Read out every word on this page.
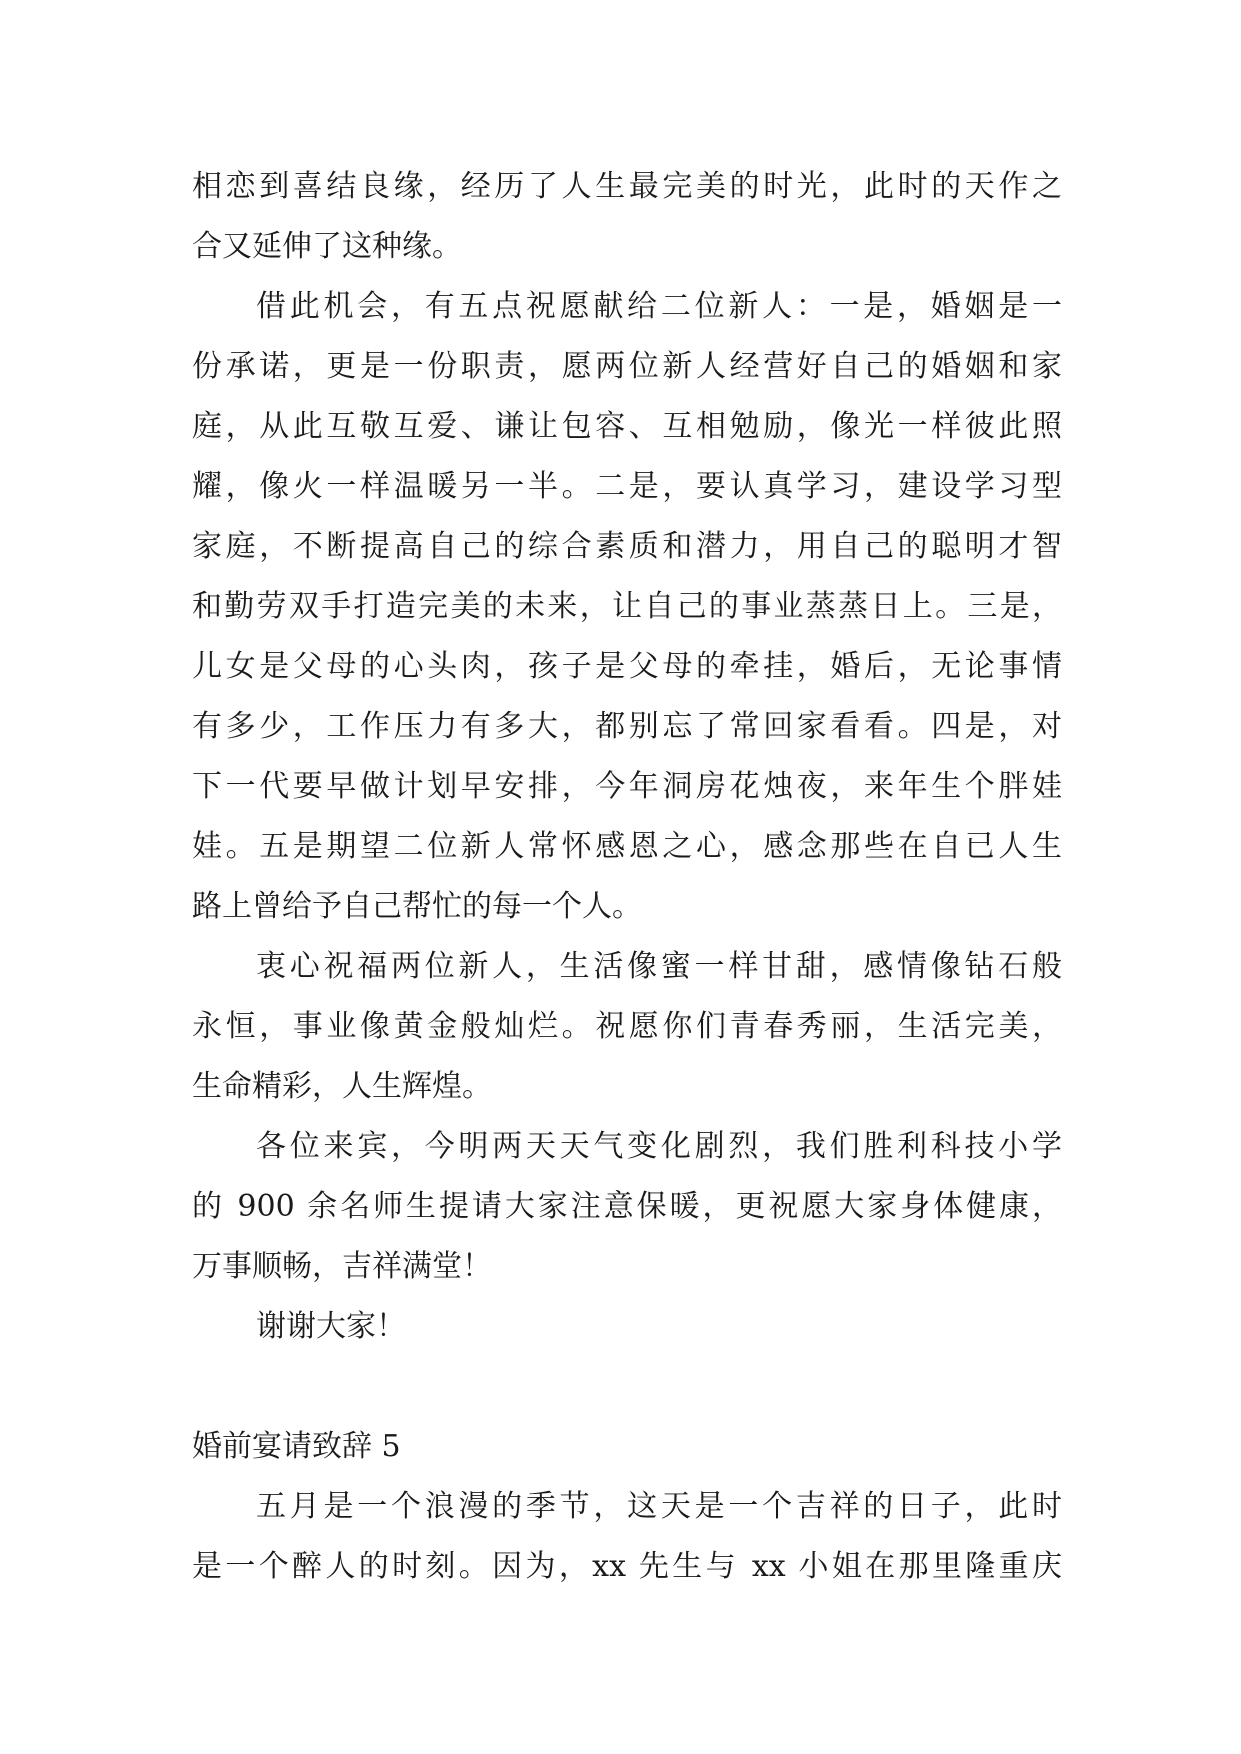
相恋到喜结良缘，经历了人生最完美的时光，此时的天作之
合又延伸了这种缘。
借此机会，有五点祝愿献给二位新人：一是，婚姻是一
份承诺，更是一份职责，愿两位新人经营好自己的婚姻和家
庭，从此互敬互爱、谦让包容、互相勉励，像光一样彼此照
耀，像火一样温暖另一半。二是，要认真学习，建设学习型
家庭，不断提高自己的综合素质和潜力，用自己的聪明才智
和勤劳双手打造完美的未来，让自己的事业蒸蒸日上。三是，
儿女是父母的心头肉，孩子是父母的牵挂，婚后，无论事情
有多少，工作压力有多大，都别忘了常回家看看。四是，对
下一代要早做计划早安排，今年洞房花烛夜，来年生个胖娃
娃。五是期望二位新人常怀感恩之心，感念那些在自已人生
路上曾给予自己帮忙的每一个人。
衷心祝福两位新人，生活像蜜一样甘甜，感情像钻石般
永恒，事业像黄金般灿烂。祝愿你们青春秀丽，生活完美，
生命精彩，人生辉煌。
各位来宾，今明两天天气变化剧烈，我们胜利科技小学
的 900 余名师生提请大家注意保暖，更祝愿大家身体健康，
万事顺畅，吉祥满堂！
谢谢大家！
婚前宴请致辞 5
五月是一个浪漫的季节，这天是一个吉祥的日子，此时
是一个醉人的时刻。因为，xx 先生与 xx 小姐在那里隆重庆
